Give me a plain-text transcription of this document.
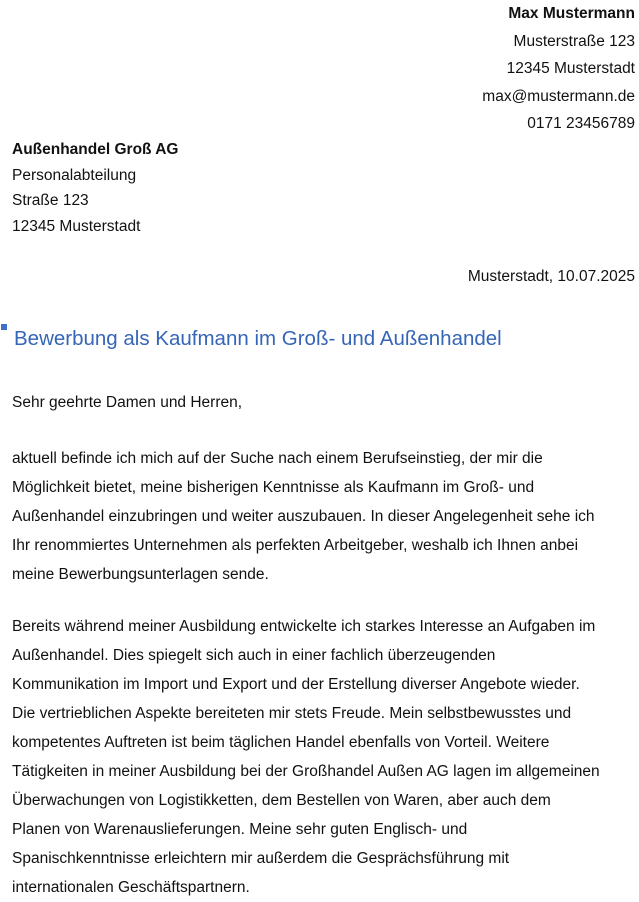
Max Mustermann
Musterstraße 123
12345 Musterstadt
max@mustermann.de
0171 23456789
Außenhandel Groß AG
Personalabteilung
Straße 123
12345 Musterstadt
Musterstadt, 10.07.2025
Bewerbung als Kaufmann im Groß- und Außenhandel
Sehr geehrte Damen und Herren,
aktuell befinde ich mich auf der Suche nach einem Berufseinstieg, der mir die
Möglichkeit bietet, meine bisherigen Kenntnisse als Kaufmann im Groß- und
Außenhandel einzubringen und weiter auszubauen. In dieser Angelegenheit sehe ich
Ihr renommiertes Unternehmen als perfekten Arbeitgeber, weshalb ich Ihnen anbei
meine Bewerbungsunterlagen sende.
Bereits während meiner Ausbildung entwickelte ich starkes Interesse an Aufgaben im
Außenhandel. Dies spiegelt sich auch in einer fachlich überzeugenden
Kommunikation im Import und Export und der Erstellung diverser Angebote wieder.
Die vertrieblichen Aspekte bereiteten mir stets Freude. Mein selbstbewusstes und
kompetentes Auftreten ist beim täglichen Handel ebenfalls von Vorteil. Weitere
Tätigkeiten in meiner Ausbildung bei der Großhandel Außen AG lagen im allgemeinen
Überwachungen von Logistikketten, dem Bestellen von Waren, aber auch dem
Planen von Warenauslieferungen. Meine sehr guten Englisch- und
Spanischkenntnisse erleichtern mir außerdem die Gesprächsführung mit
internationalen Geschäftspartnern.
